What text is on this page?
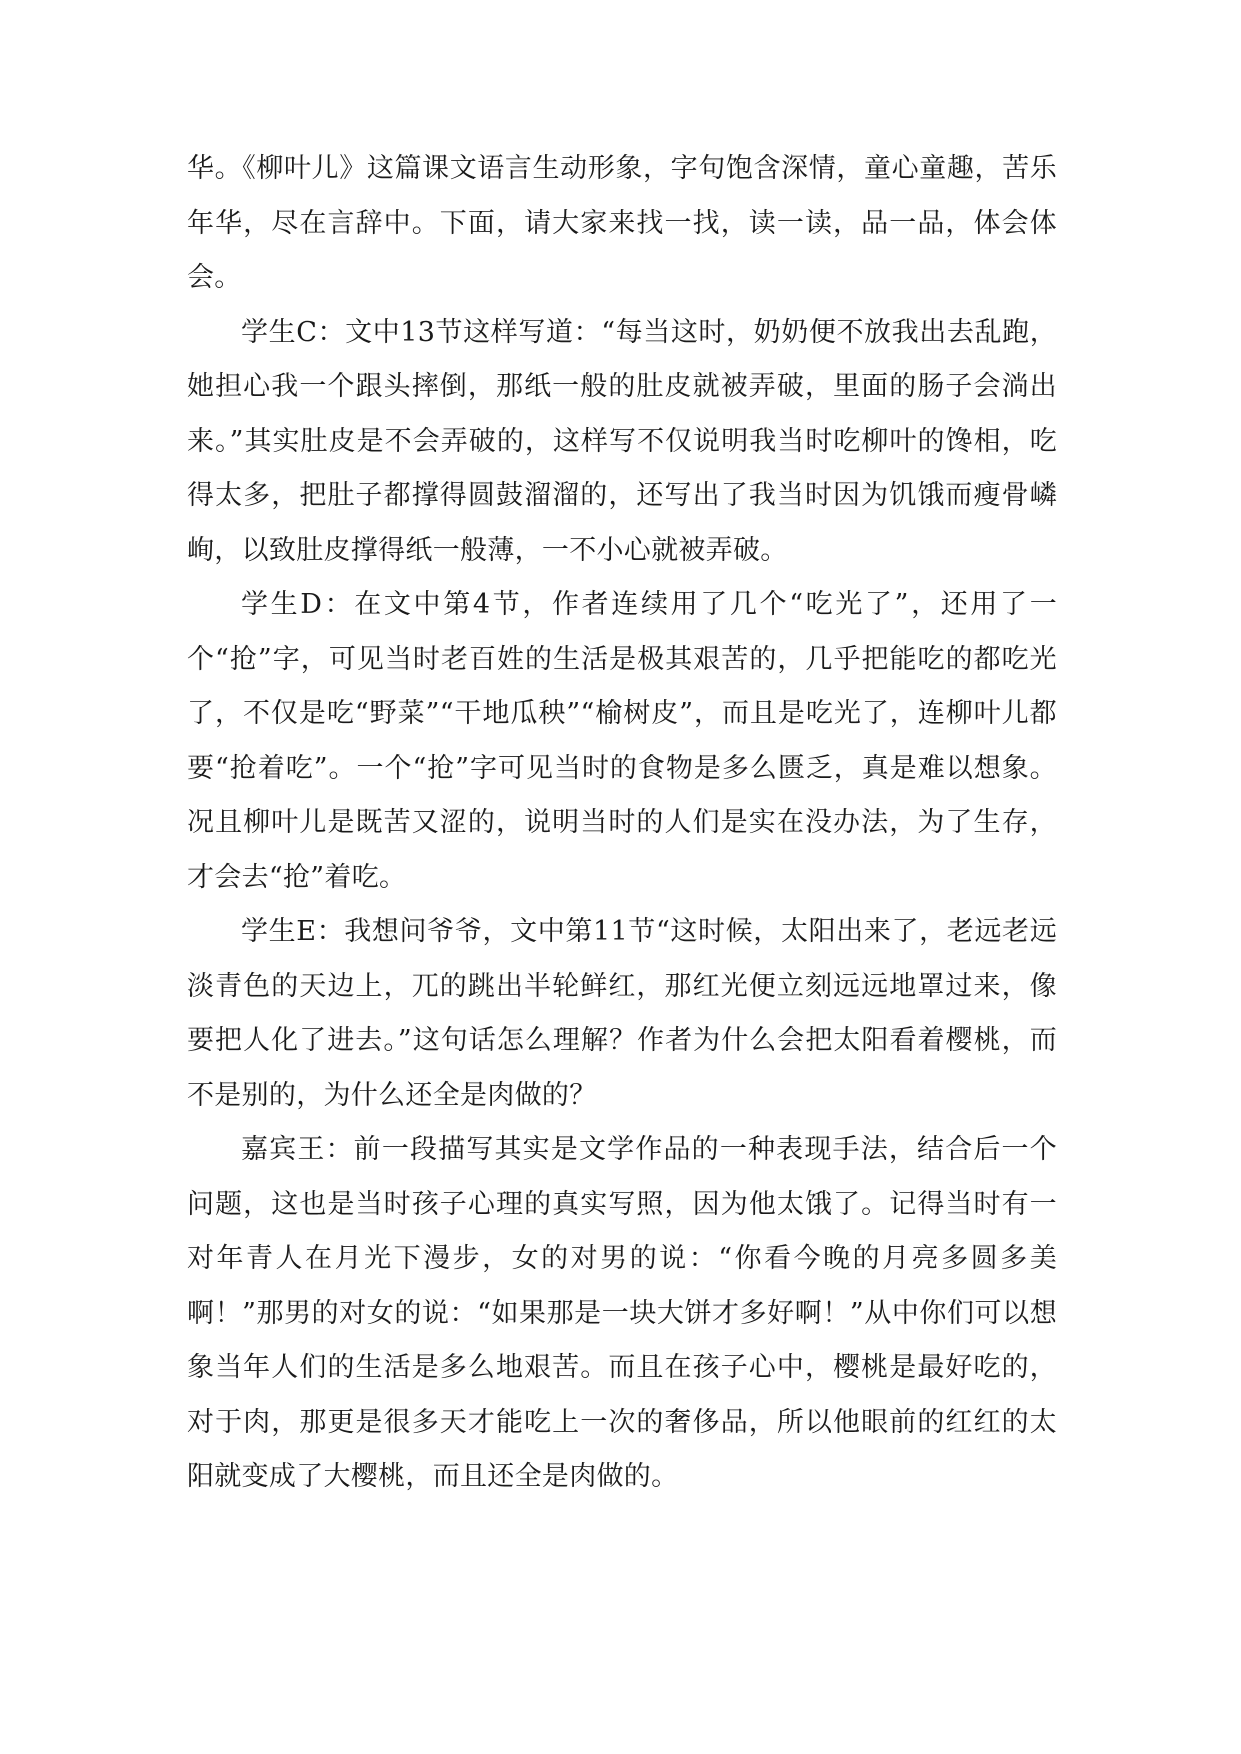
华。《柳叶儿》这篇课文语言生动形象，字句饱含深情，童心童趣，苦乐年华，尽在言辞中。下面，请大家来找一找，读一读，品一品，体会体会。

学生C：文中13节这样写道：“每当这时，奶奶便不放我出去乱跑，她担心我一个跟头摔倒，那纸一般的肚皮就被弄破，里面的肠子会淌出来。”其实肚皮是不会弄破的，这样写不仅说明我当时吃柳叶的馋相，吃得太多，把肚子都撑得圆鼓溜溜的，还写出了我当时因为饥饿而瘦骨嶙峋，以致肚皮撑得纸一般薄，一不小心就被弄破。

学生D：在文中第4节，作者连续用了几个“吃光了”，还用了一个“抢”字，可见当时老百姓的生活是极其艰苦的，几乎把能吃的都吃光了，不仅是吃“野菜”“干地瓜秧”“榆树皮”，而且是吃光了，连柳叶儿都要“抢着吃”。一个“抢”字可见当时的食物是多么匮乏，真是难以想象。况且柳叶儿是既苦又涩的，说明当时的人们是实在没办法，为了生存，才会去“抢”着吃。

学生E：我想问爷爷，文中第11节“这时候，太阳出来了，老远老远淡青色的天边上，兀的跳出半轮鲜红，那红光便立刻远远地罩过来，像要把人化了进去。”这句话怎么理解？作者为什么会把太阳看着樱桃，而不是别的，为什么还全是肉做的？

嘉宾王：前一段描写其实是文学作品的一种表现手法，结合后一个问题，这也是当时孩子心理的真实写照，因为他太饿了。记得当时有一对年青人在月光下漫步，女的对男的说：“你看今晚的月亮多圆多美啊！”那男的对女的说：“如果那是一块大饼才多好啊！”从中你们可以想象当年人们的生活是多么地艰苦。而且在孩子心中，樱桃是最好吃的，对于肉，那更是很多天才能吃上一次的奢侈品，所以他眼前的红红的太阳就变成了大樱桃，而且还全是肉做的。
